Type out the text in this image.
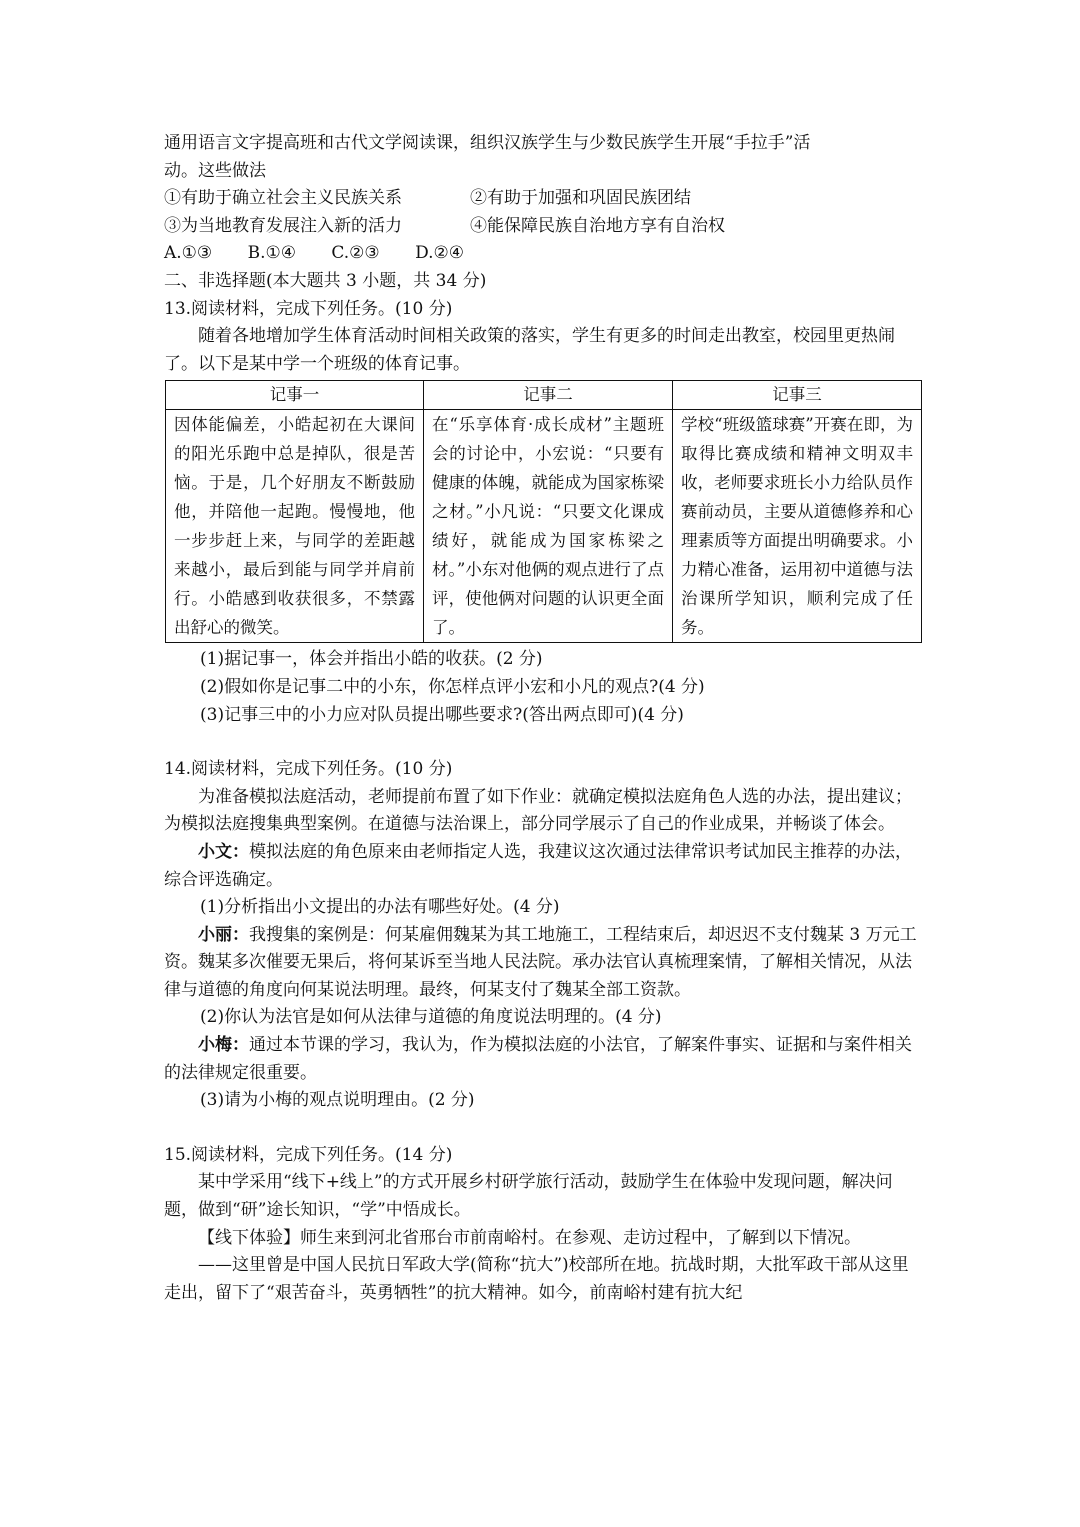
通用语言文字提高班和古代文学阅读课，组织汉族学生与少数民族学生开展“手拉手”活

动。这些做法

①有助于确立社会主义民族关系	②有助于加强和巩固民族团结

③为当地教育发展注入新的活力	④能保障民族自治地方享有自治权

A.①③ B.①④ C.②③ D.②④

二、非选择题(本大题共 3 小题，共 34 分)

13.阅读材料，完成下列任务。(10 分)

随着各地增加学生体育活动时间相关政策的落实，学生有更多的时间走出教室，校园里更热闹了。以下是某中学一个班级的体育记事。

记事一	记事二	记事三
因体能偏差，小皓起初在大课间的阳光乐跑中总是掉队，很是苦恼。于是，几个好朋友不断鼓励他，并陪他一起跑。慢慢地，他一步步赶上来，与同学的差距越来越小，最后到能与同学并肩前行。小皓感到收获很多，不禁露出舒心的微笑。	在“乐享体育·成长成材”主题班会的讨论中，小宏说：“只要有健康的体魄，就能成为国家栋梁之材。”小凡说：“只要文化课成绩好，就能成为国家栋梁之材。”小东对他俩的观点进行了点评，使他俩对问题的认识更全面了。	学校“班级篮球赛”开赛在即，为取得比赛成绩和精神文明双丰收，老师要求班长小力给队员作赛前动员，主要从道德修养和心理素质等方面提出明确要求。小力精心准备，运用初中道德与法治课所学知识，顺利完成了任务。

(1)据记事一，体会并指出小皓的收获。(2 分)

(2)假如你是记事二中的小东，你怎样点评小宏和小凡的观点?(4 分)

(3)记事三中的小力应对队员提出哪些要求?(答出两点即可)(4 分)

14.阅读材料，完成下列任务。(10 分)

为准备模拟法庭活动，老师提前布置了如下作业：就确定模拟法庭角色人选的办法，提出建议；为模拟法庭搜集典型案例。在道德与法治课上，部分同学展示了自己的作业成果，并畅谈了体会。

小文：模拟法庭的角色原来由老师指定人选，我建议这次通过法律常识考试加民主推荐的办法，综合评选确定。

(1)分析指出小文提出的办法有哪些好处。(4 分)

小丽：我搜集的案例是：何某雇佣魏某为其工地施工，工程结束后，却迟迟不支付魏某 3 万元工资。魏某多次催要无果后，将何某诉至当地人民法院。承办法官认真梳理案情，了解相关情况，从法律与道德的角度向何某说法明理。最终，何某支付了魏某全部工资款。

(2)你认为法官是如何从法律与道德的角度说法明理的。(4 分)

小梅：通过本节课的学习，我认为，作为模拟法庭的小法官，了解案件事实、证据和与案件相关的法律规定很重要。

(3)请为小梅的观点说明理由。(2 分)

15.阅读材料，完成下列任务。(14 分)

某中学采用“线下+线上”的方式开展乡村研学旅行活动，鼓励学生在体验中发现问题，解决问题，做到“研”途长知识，“学”中悟成长。

【线下体验】师生来到河北省邢台市前南峪村。在参观、走访过程中，了解到以下情况。

——这里曾是中国人民抗日军政大学(简称“抗大”)校部所在地。抗战时期，大批军政干部从这里走出，留下了“艰苦奋斗，英勇牺牲”的抗大精神。如今，前南峪村建有抗大纪
